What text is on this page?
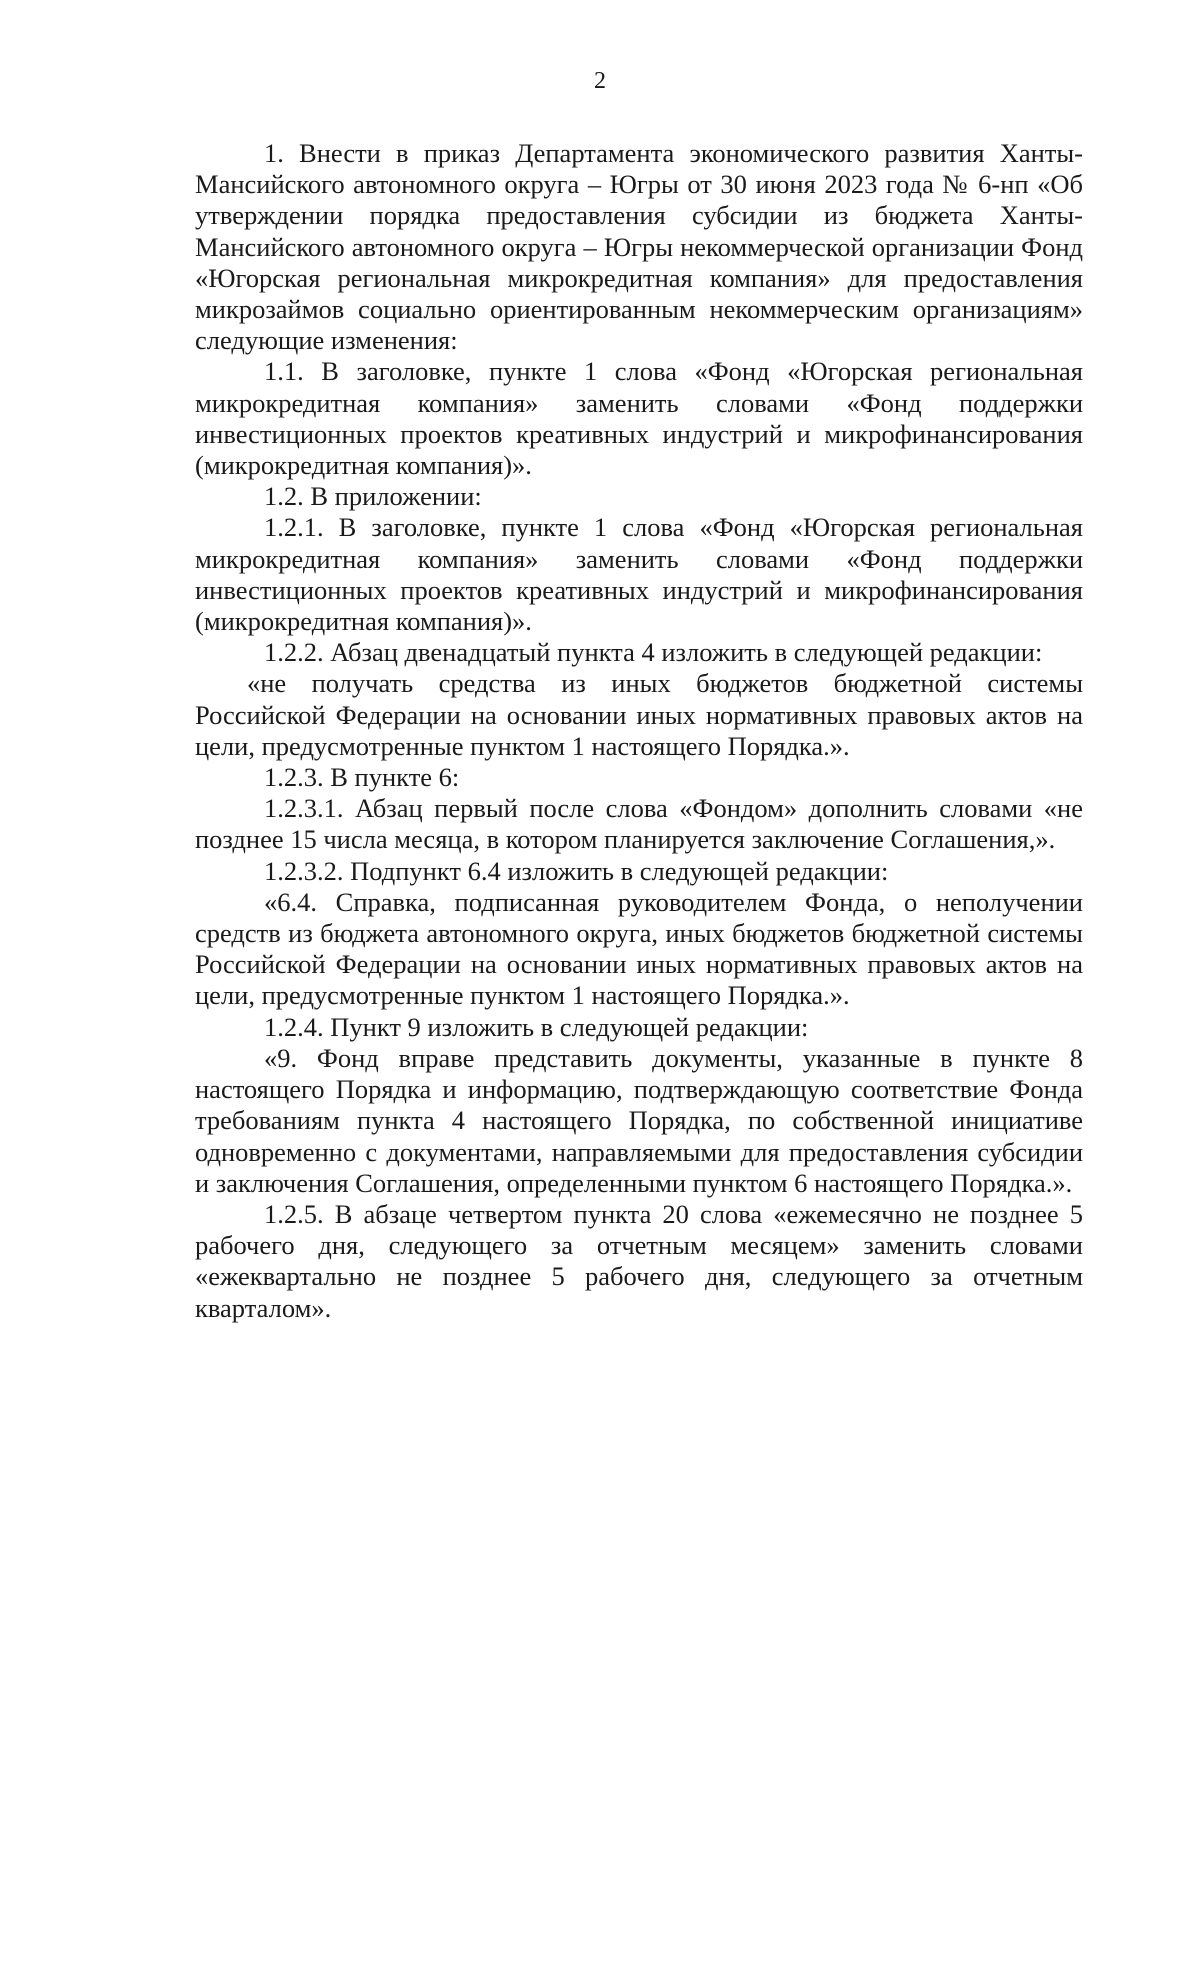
2

1. Внести в приказ Департамента экономического развития Ханты-Мансийского автономного округа – Югры от 30 июня 2023 года № 6-нп «Об утверждении порядка предоставления субсидии из бюджета Ханты-Мансийского автономного округа – Югры некоммерческой организации Фонд «Югорская региональная микрокредитная компания» для предоставления микрозаймов социально ориентированным некоммерческим организациям» следующие изменения:

1.1. В заголовке, пункте 1 слова «Фонд «Югорская региональная микрокредитная компания» заменить словами «Фонд поддержки инвестиционных проектов креативных индустрий и микрофинансирования (микрокредитная компания)».

1.2. В приложении:

1.2.1. В заголовке, пункте 1 слова «Фонд «Югорская региональная микрокредитная компания» заменить словами «Фонд поддержки инвестиционных проектов креативных индустрий и микрофинансирования (микрокредитная компания)».

1.2.2. Абзац двенадцатый пункта 4 изложить в следующей редакции:

«не получать средства из иных бюджетов бюджетной системы Российской Федерации на основании иных нормативных правовых актов на цели, предусмотренные пунктом 1 настоящего Порядка.».

1.2.3. В пункте 6:

1.2.3.1. Абзац первый после слова «Фондом» дополнить словами «не позднее 15 числа месяца, в котором планируется заключение Соглашения,».

1.2.3.2. Подпункт 6.4 изложить в следующей редакции:

«6.4. Справка, подписанная руководителем Фонда, о неполучении средств из бюджета автономного округа, иных бюджетов бюджетной системы Российской Федерации на основании иных нормативных правовых актов на цели, предусмотренные пунктом 1 настоящего Порядка.».

1.2.4. Пункт 9 изложить в следующей редакции:

«9. Фонд вправе представить документы, указанные в пункте 8 настоящего Порядка и информацию, подтверждающую соответствие Фонда требованиям пункта 4 настоящего Порядка, по собственной инициативе одновременно с документами, направляемыми для предоставления субсидии и заключения Соглашения, определенными пунктом 6 настоящего Порядка.».

1.2.5. В абзаце четвертом пункта 20 слова «ежемесячно не позднее 5 рабочего дня, следующего за отчетным месяцем» заменить словами «ежеквартально не позднее 5 рабочего дня, следующего за отчетным кварталом».
